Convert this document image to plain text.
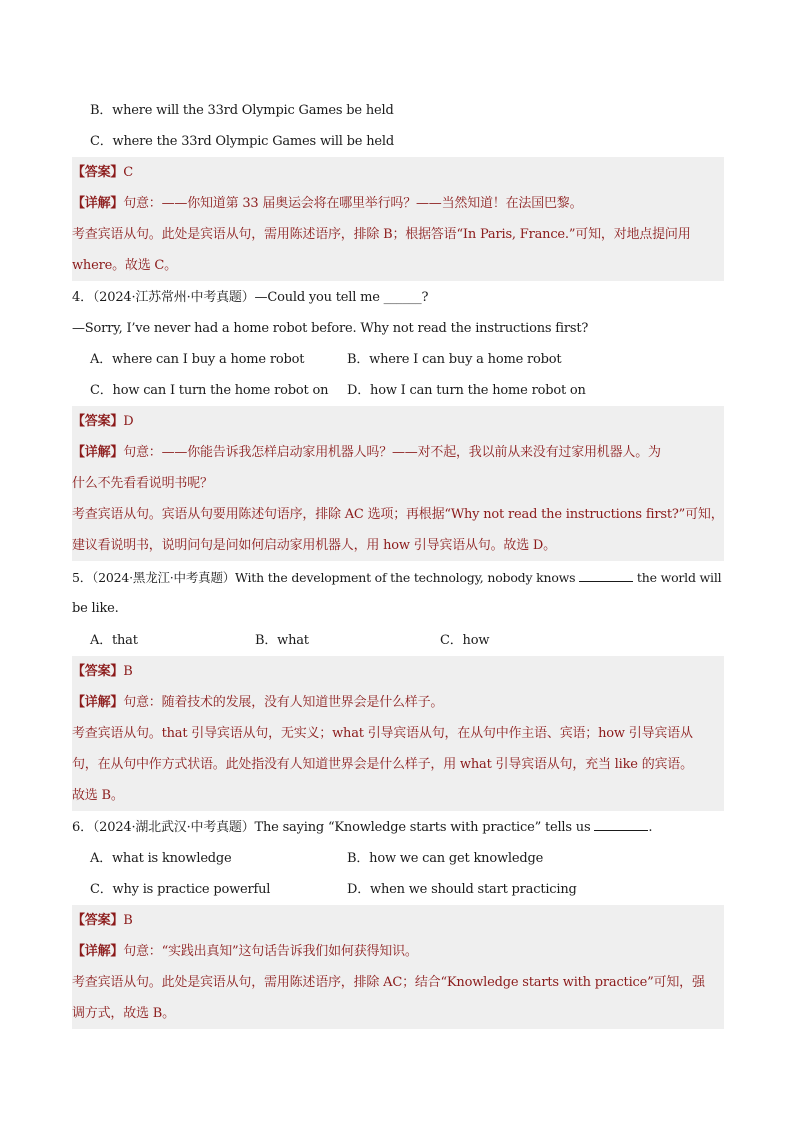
B．where will the 33rd Olympic Games be held
C．where the 33rd Olympic Games will be held
【答案】C
【详解】句意：——你知道第 33 届奥运会将在哪里举行吗？——当然知道！在法国巴黎。
考查宾语从句。此处是宾语从句，需用陈述语序，排除 B；根据答语“In Paris, France.”可知，对地点提问用
where。故选 C。
4．（2024·江苏常州·中考真题）—Could you tell me ______?
—Sorry, I’ve never had a home robot before. Why not read the instructions first?
A．where can I buy a home robot	B．where I can buy a home robot
C．how can I turn the home robot on D．how I can turn the home robot on
【答案】D
【详解】句意：——你能告诉我怎样启动家用机器人吗？——对不起，我以前从来没有过家用机器人。为
什么不先看看说明书呢？
考查宾语从句。宾语从句要用陈述句语序，排除 AC 选项；再根据“Why not read the instructions first?”可知，
建议看说明书，说明问句是问如何启动家用机器人，用 how 引导宾语从句。故选 D。
5．（2024·黑龙江·中考真题）With the development of the technology, nobody knows	the world will
be like.
A．that	B．what	C．how
【答案】B
【详解】句意：随着技术的发展，没有人知道世界会是什么样子。
考查宾语从句。that 引导宾语从句，无实义；what 引导宾语从句，在从句中作主语、宾语；how 引导宾语从
句，在从句中作方式状语。此处指没有人知道世界会是什么样子，用 what 引导宾语从句，充当 like 的宾语。
故选 B。
6．（2024·湖北武汉·中考真题）The saying “Knowledge starts with practice” tells us	.
A．what is knowledge	B．how we can get knowledge
C．why is practice powerful	D．when we should start practicing
【答案】B
【详解】句意：“实践出真知”这句话告诉我们如何获得知识。
考查宾语从句。此处是宾语从句，需用陈述语序，排除 AC；结合“Knowledge starts with practice”可知，强
调方式，故选 B。
